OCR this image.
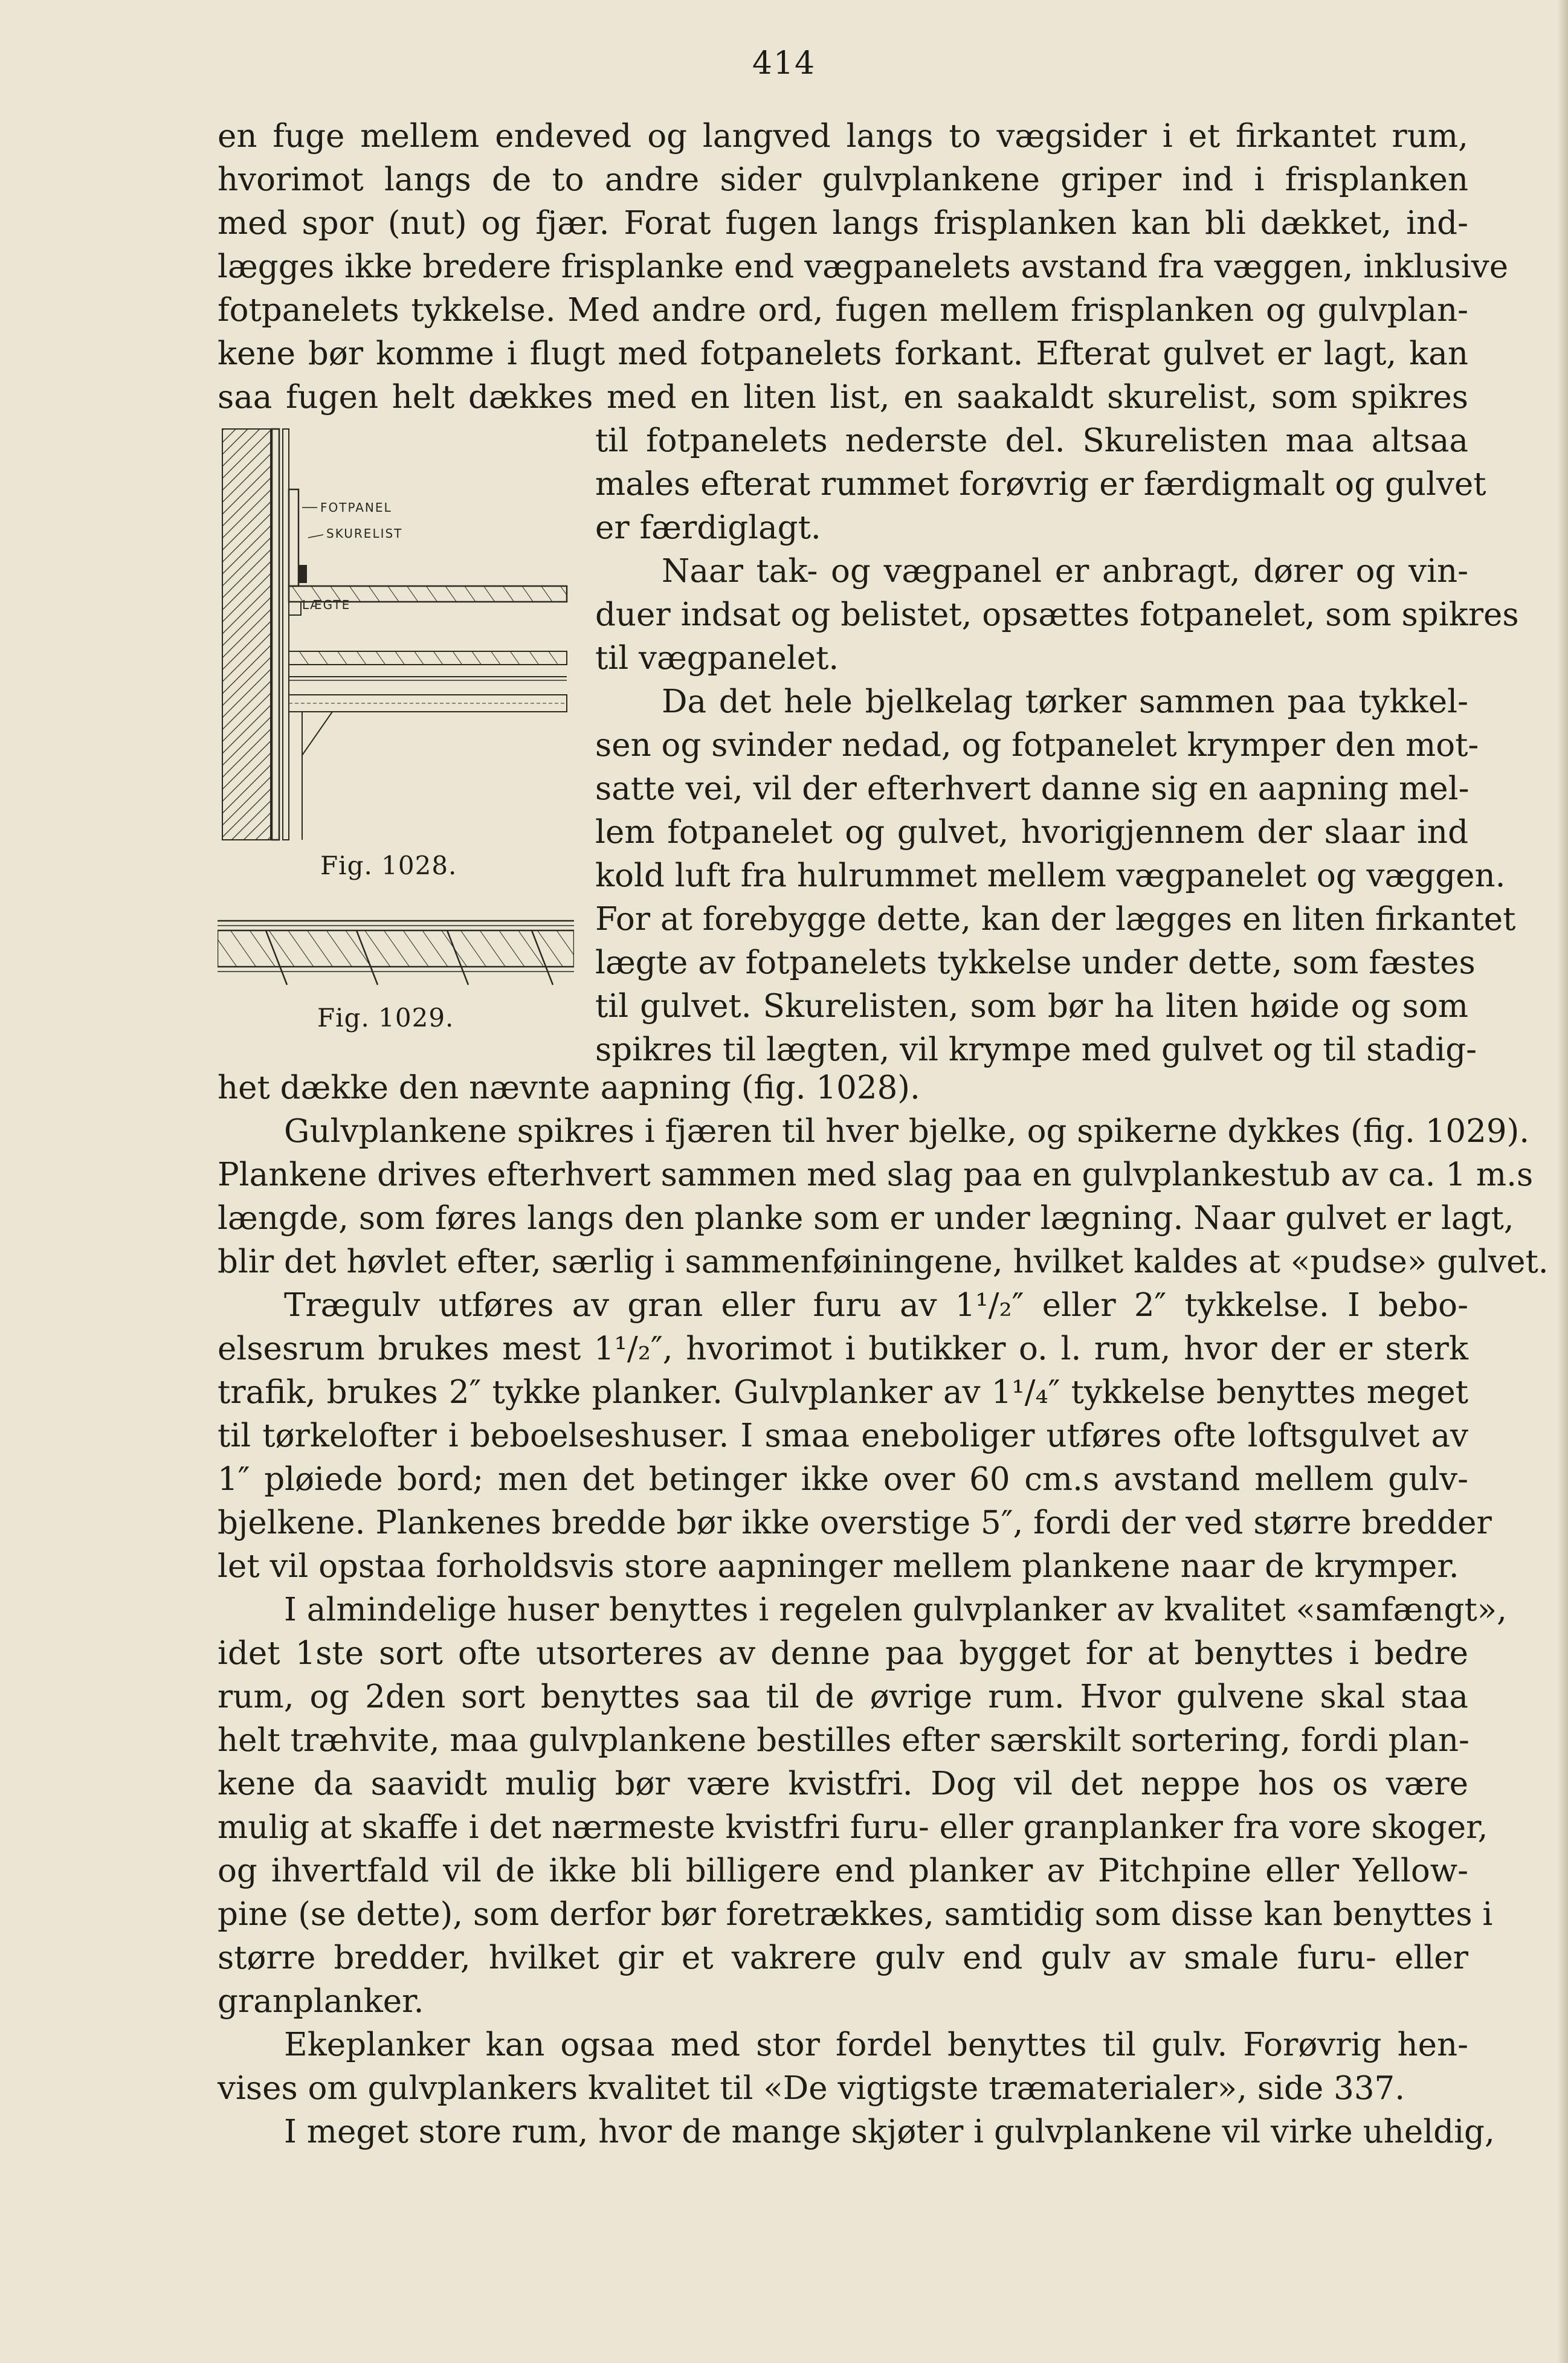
414
en fuge mellem endeved og langved langs to vægsider i et firkantet rum,
hvorimot langs de to andre sider gulvplankene griper ind i frisplanken
med spor (nut) og fjær. Forat fugen langs frisplanken kan bli dækket, ind-
lægges ikke bredere frisplanke end vægpanelets avstand fra væggen, inklusive
fotpanelets tykkelse. Med andre ord, fugen mellem frisplanken og gulvplan-
kene bør komme i flugt med fotpanelets forkant. Efterat gulvet er lagt, kan
saa fugen helt dækkes med en liten list, en saakaldt skurelist, som spikres
til fotpanelets nederste del. Skurelisten maa altsaa
males efterat rummet forøvrig er færdigmalt og gulvet
er færdiglagt.
Naar tak- og vægpanel er anbragt, dører og vin-
duer indsat og belistet, opsættes fotpanelet, som spikres
til vægpanelet.
Da det hele bjelkelag tørker sammen paa tykkel-
sen og svinder nedad, og fotpanelet krymper den mot-
satte vei, vil der efterhvert danne sig en aapning mel-
lem fotpanelet og gulvet, hvorigjennem der slaar ind
kold luft fra hulrummet mellem vægpanelet og væggen.
For at forebygge dette, kan der lægges en liten firkantet
lægte av fotpanelets tykkelse under dette, som fæstes
til gulvet. Skurelisten, som bør ha liten høide og som
spikres til lægten, vil krympe med gulvet og til stadig-
het dække den nævnte aapning (fig. 1028).
Gulvplankene spikres i fjæren til hver bjelke, og spikerne dykkes (fig. 1029).
Plankene drives efterhvert sammen med slag paa en gulvplankestub av ca. 1 m.s
længde, som føres langs den planke som er under lægning. Naar gulvet er lagt,
blir det høvlet efter, særlig i sammenføiningene, hvilket kaldes at «pudse» gulvet.
Trægulv utføres av gran eller furu av 1¹/₂″ eller 2″ tykkelse. I bebo-
elsesrum brukes mest 1¹/₂″, hvorimot i butikker o. l. rum, hvor der er sterk
trafik, brukes 2″ tykke planker. Gulvplanker av 1¹/₄″ tykkelse benyttes meget
til tørkelofter i beboelseshuser. I smaa eneboliger utføres ofte loftsgulvet av
1″ pløiede bord; men det betinger ikke over 60 cm.s avstand mellem gulv-
bjelkene. Plankenes bredde bør ikke overstige 5″, fordi der ved større bredder
let vil opstaa forholdsvis store aapninger mellem plankene naar de krymper.
I almindelige huser benyttes i regelen gulvplanker av kvalitet «samfængt»,
idet 1ste sort ofte utsorteres av denne paa bygget for at benyttes i bedre
rum, og 2den sort benyttes saa til de øvrige rum. Hvor gulvene skal staa
helt træhvite, maa gulvplankene bestilles efter særskilt sortering, fordi plan-
kene da saavidt mulig bør være kvistfri. Dog vil det neppe hos os være
mulig at skaffe i det nærmeste kvistfri furu- eller granplanker fra vore skoger,
og ihvertfald vil de ikke bli billigere end planker av Pitchpine eller Yellow-
pine (se dette), som derfor bør foretrækkes, samtidig som disse kan benyttes i
større bredder, hvilket gir et vakrere gulv end gulv av smale furu- eller
granplanker.
Ekeplanker kan ogsaa med stor fordel benyttes til gulv. Forøvrig hen-
vises om gulvplankers kvalitet til «De vigtigste træmaterialer», side 337.
I meget store rum, hvor de mange skjøter i gulvplankene vil virke uheldig,
FOTPANEL
SKURELIST
LÆGTE
Fig. 1028.
Fig. 1029.
